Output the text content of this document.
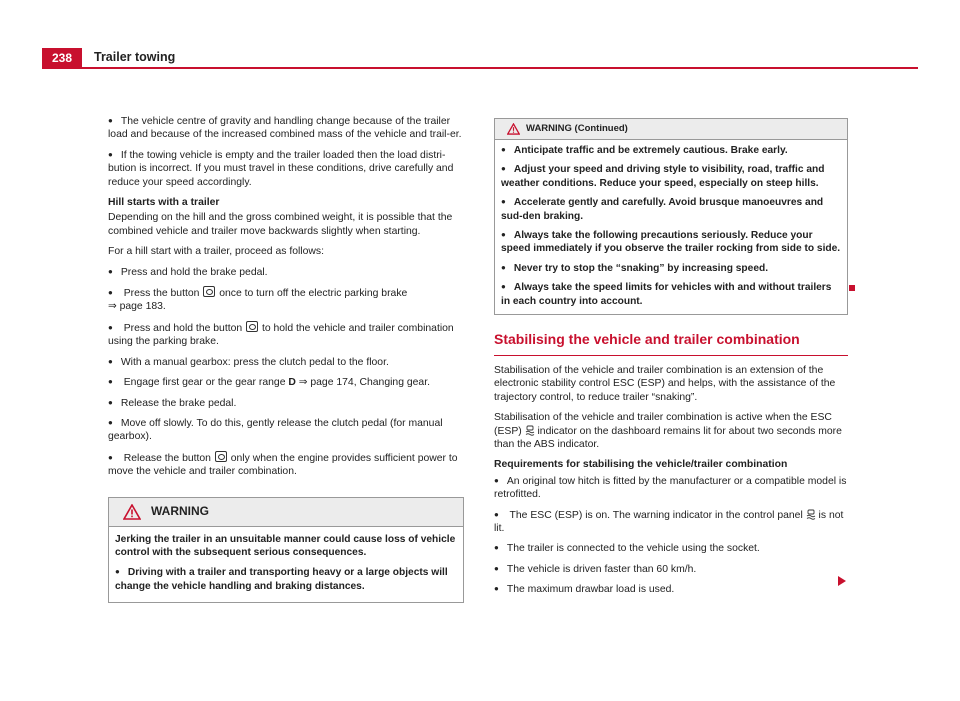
238	Trailer towing

● The vehicle centre of gravity and handling change because of the trailer load and because of the increased combined mass of the vehicle and trail-er.

● If the towing vehicle is empty and the trailer loaded then the load distri-bution is incorrect. If you must travel in these conditions, drive carefully and reduce your speed accordingly.

Hill starts with a trailer

Depending on the hill and the gross combined weight, it is possible that the combined vehicle and trailer move backwards slightly when starting.

For a hill start with a trailer, proceed as follows:

● Press and hold the brake pedal.

● Press the button once to turn off the electric parking brake
⇒ page 183.

● Press and hold the button to hold the vehicle and trailer combination using the parking brake.

● With a manual gearbox: press the clutch pedal to the floor.

● Engage first gear or the gear range D ⇒ page 174, Changing gear.

● Release the brake pedal.

● Move off slowly. To do this, gently release the clutch pedal (for manual gearbox).

● Release the button only when the engine provides sufficient power to move the vehicle and trailer combination.

WARNING

Jerking the trailer in an unsuitable manner could cause loss of vehicle control with the subsequent serious consequences.

● Driving with a trailer and transporting heavy or a large objects will change the vehicle handling and braking distances.

WARNING (Continued)

● Anticipate traffic and be extremely cautious. Brake early.

● Adjust your speed and driving style to visibility, road, traffic and weather conditions. Reduce your speed, especially on steep hills.

● Accelerate gently and carefully. Avoid brusque manoeuvres and sud-den braking.

● Always take the following precautions seriously. Reduce your speed immediately if you observe the trailer rocking from side to side.

● Never try to stop the “snaking” by increasing speed.

● Always take the speed limits for vehicles with and without trailers in each country into account.

Stabilising the vehicle and trailer combination

Stabilisation of the vehicle and trailer combination is an extension of the electronic stability control ESC (ESP) and helps, with the assistance of the trajectory control, to reduce trailer “snaking”.

Stabilisation of the vehicle and trailer combination is active when the ESC (ESP) indicator on the dashboard remains lit for about two seconds more than the ABS indicator.

Requirements for stabilising the vehicle/trailer combination

● An original tow hitch is fitted by the manufacturer or a compatible model is retrofitted.

● The ESC (ESP) is on. The warning indicator in the control panel is not lit.

● The trailer is connected to the vehicle using the socket.

● The vehicle is driven faster than 60 km/h.

● The maximum drawbar load is used.
